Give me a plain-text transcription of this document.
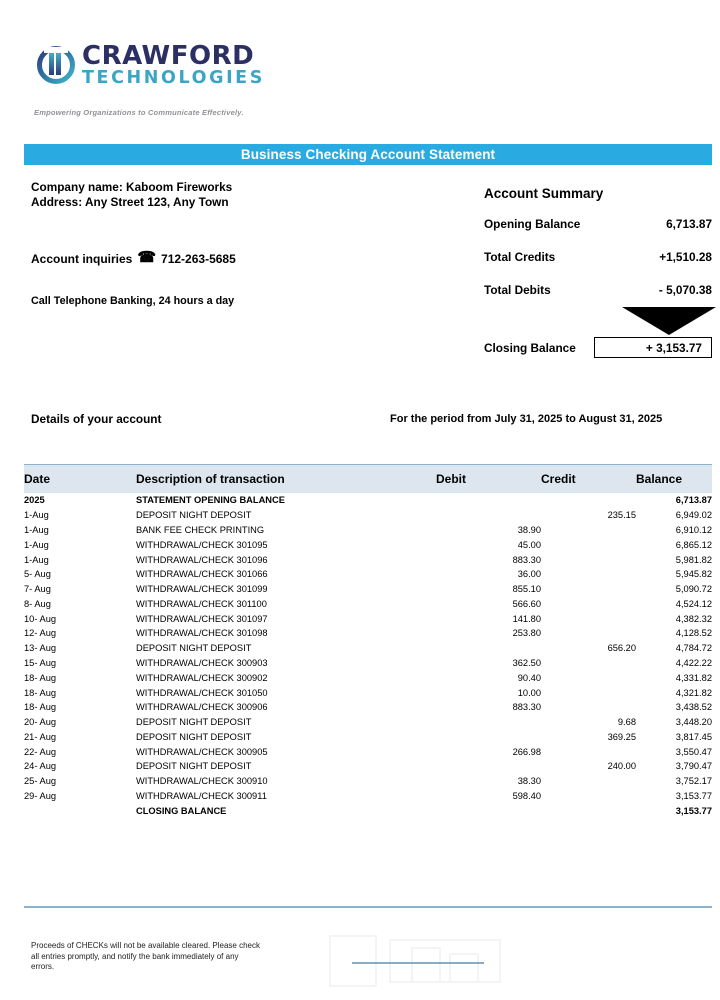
CRAWFORD
TECHNOLOGIES
Empowering Organizations to Communicate Effectively.
Business Checking Account Statement
Company name: Kaboom Fireworks
Address: Any Street 123, Any Town
Account inquiries ☎ 712-263-5685
Call Telephone Banking, 24 hours a day
Account Summary
Opening Balance	6,713.87
Total Credits	+1,510.28
Total Debits	- 5,070.38
Closing Balance	+ 3,153.77
Details of your account	For the period from July 31, 2025 to August 31, 2025
Date	Description of transaction	Debit	Credit	Balance
2025	STATEMENT OPENING BALANCE			6,713.87
1-Aug	DEPOSIT NIGHT DEPOSIT		235.15	6,949.02
1-Aug	BANK FEE CHECK PRINTING	38.90		6,910.12
1-Aug	WITHDRAWAL/CHECK 301095	45.00		6,865.12
1-Aug	WITHDRAWAL/CHECK 301096	883.30		5,981.82
5- Aug	WITHDRAWAL/CHECK 301066	36.00		5,945.82
7- Aug	WITHDRAWAL/CHECK 301099	855.10		5,090.72
8- Aug	WITHDRAWAL/CHECK 301100	566.60		4,524.12
10- Aug	WITHDRAWAL/CHECK 301097	141.80		4,382.32
12- Aug	WITHDRAWAL/CHECK 301098	253.80		4,128.52
13- Aug	DEPOSIT NIGHT DEPOSIT		656.20	4,784.72
15- Aug	WITHDRAWAL/CHECK 300903	362.50		4,422.22
18- Aug	WITHDRAWAL/CHECK 300902	90.40		4,331.82
18- Aug	WITHDRAWAL/CHECK 301050	10.00		4,321.82
18- Aug	WITHDRAWAL/CHECK 300906	883.30		3,438.52
20- Aug	DEPOSIT NIGHT DEPOSIT		9.68	3,448.20
21- Aug	DEPOSIT NIGHT DEPOSIT		369.25	3,817.45
22- Aug	WITHDRAWAL/CHECK 300905	266.98		3,550.47
24- Aug	DEPOSIT NIGHT DEPOSIT		240.00	3,790.47
25- Aug	WITHDRAWAL/CHECK 300910	38.30		3,752.17
29- Aug	WITHDRAWAL/CHECK 300911	598.40		3,153.77
	CLOSING BALANCE			3,153.77
Proceeds of CHECKs will not be available cleared. Please check all entries promptly, and notify the bank immediately of any errors.
